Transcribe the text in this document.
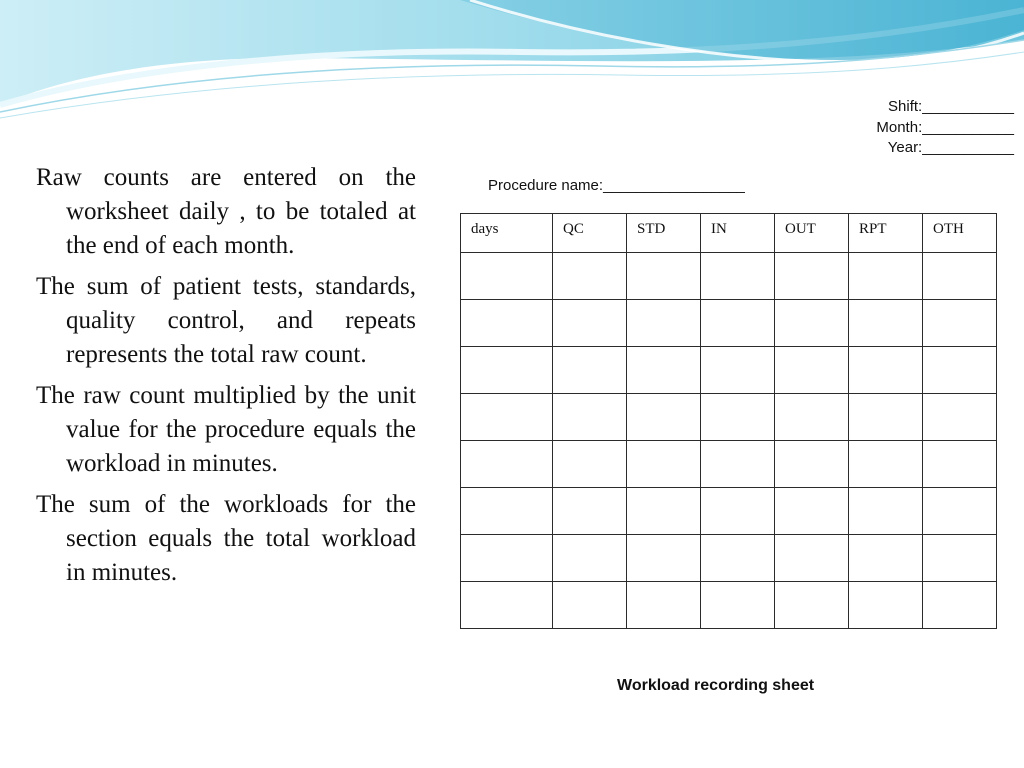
Shift:___________
Month:___________
Year:___________

Raw counts are entered on the worksheet daily , to be totaled at the end of each month.

The sum of patient tests, standards, quality control, and repeats represents the total raw count.

The raw count multiplied by the unit value for the procedure equals the workload in minutes.

The sum of the workloads for the section equals the total workload in minutes.

Procedure name:_________________
days	QC	STD	IN	OUT	RPT	OTH

Workload recording sheet
